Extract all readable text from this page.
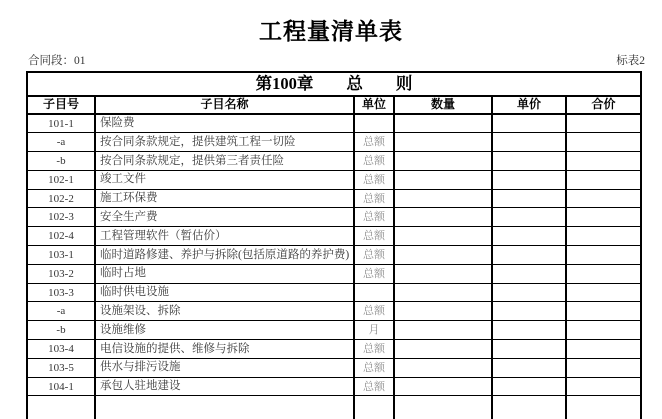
工程量清单表
合同段：01	标表2
第100章　　总　　则					
子目号	子目名称	单位	数量	单价	合价
101-1	保险费				
-a	按合同条款规定，提供建筑工程一切险	总额			
-b	按合同条款规定，提供第三者责任险	总额			
102-1	竣工文件	总额			
102-2	施工环保费	总额			
102-3	安全生产费	总额			
102-4	工程管理软件（暂估价）	总额			
103-1	临时道路修建、养护与拆除(包括原道路的养护费)	总额			
103-2	临时占地	总额			
103-3	临时供电设施				
-a	设施架设、拆除	总额			
-b	设施维修	月			
103-4	电信设施的提供、维修与拆除	总额			
103-5	供水与排污设施	总额			
104-1	承包人驻地建设	总额			
